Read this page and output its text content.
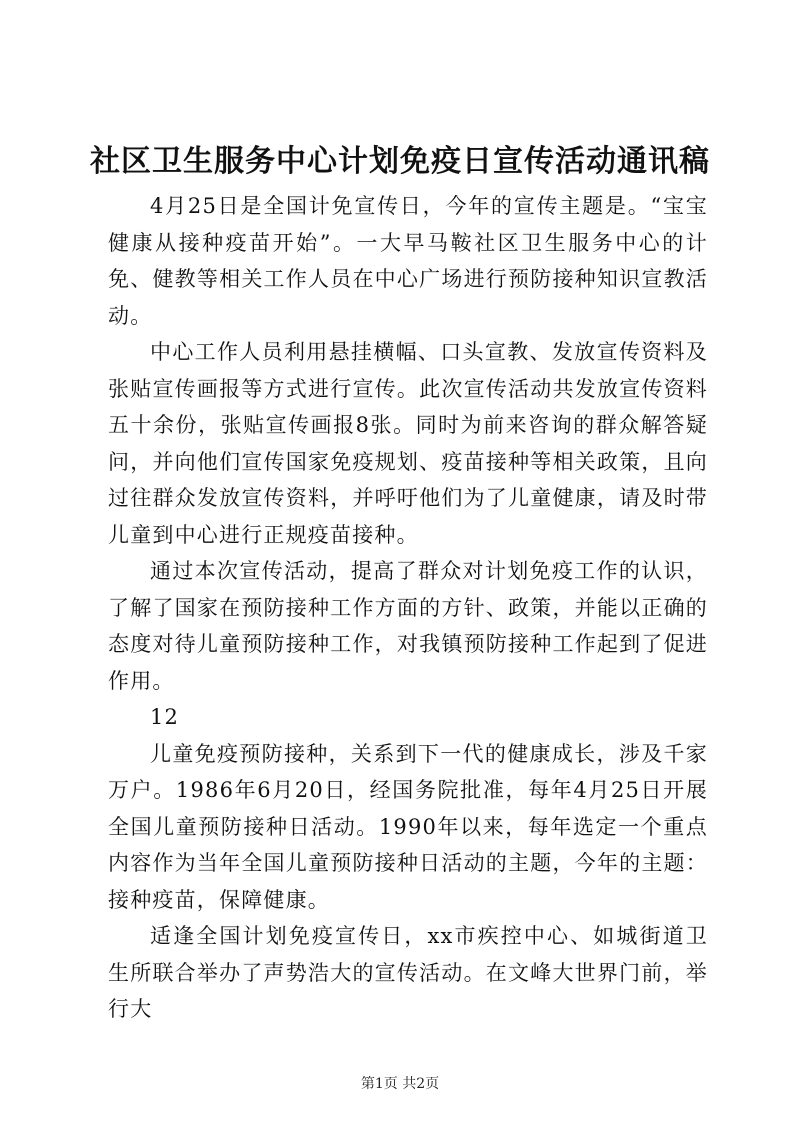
社区卫生服务中心计划免疫日宣传活动通讯稿

4月25日是全国计免宣传日，今年的宣传主题是。“宝宝健康从接种疫苗开始”。一大早马鞍社区卫生服务中心的计免、健教等相关工作人员在中心广场进行预防接种知识宣教活动。

中心工作人员利用悬挂横幅、口头宣教、发放宣传资料及张贴宣传画报等方式进行宣传。此次宣传活动共发放宣传资料五十余份，张贴宣传画报8张。同时为前来咨询的群众解答疑问，并向他们宣传国家免疫规划、疫苗接种等相关政策，且向过往群众发放宣传资料，并呼吁他们为了儿童健康，请及时带儿童到中心进行正规疫苗接种。

通过本次宣传活动，提高了群众对计划免疫工作的认识，了解了国家在预防接种工作方面的方针、政策，并能以正确的态度对待儿童预防接种工作，对我镇预防接种工作起到了促进作用。

12

儿童免疫预防接种，关系到下一代的健康成长，涉及千家万户。1986年6月20日，经国务院批准，每年4月25日开展全国儿童预防接种日活动。1990年以来，每年选定一个重点内容作为当年全国儿童预防接种日活动的主题，今年的主题：接种疫苗，保障健康。

适逢全国计划免疫宣传日，xx市疾控中心、如城街道卫生所联合举办了声势浩大的宣传活动。在文峰大世界门前，举行大

第1页 共2页
